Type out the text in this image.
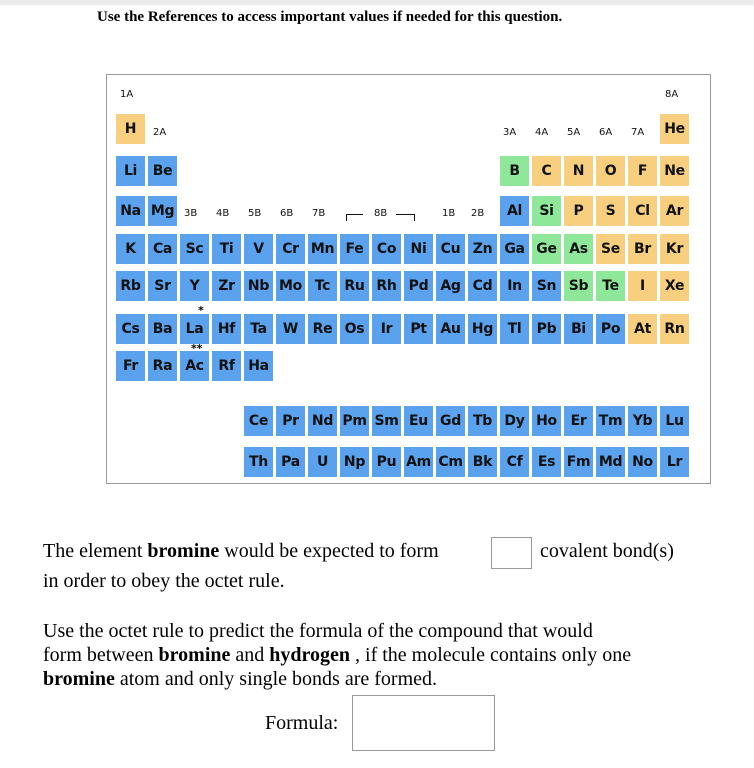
Use the References to access important values if needed for this question.
H	He
Li	Be	B	C	N	O	F	Ne
Na Mg	Al	Si	P	S	Cl	Ar
K	Ca Sc	Ti	V	Cr Mn Fe Co	Ni	Cu Zn Ga Ge As Se	Br	Kr
Rb Sr	Y	Zr Nb Mo Tc	Ru Rh Pd Ag Cd	In	Sn Sb Te	I	Xe
Cs Ba La	Hf	Ta	W	Re Os	Ir	Pt Au Hg	Tl	Pb	Bi	Po At Rn
Fr	Ra Ac	Rf Ha
Ce	Pr Nd Pm Sm Eu Gd Tb Dy Ho Er Tm Yb Lu
Th Pa	U	Np Pu Am Cm Bk	Cf	Es Fm Md No	Lr
1A	8A
2A	3A 4A 5A 6A 7A
3B 4B 5B 6B 7B	8B	1B 2B
*
**
The element bromine would be expected to form	covalent bond(s)
in order to obey the octet rule.
Use the octet rule to predict the formula of the compound that would
form between bromine and hydrogen , if the molecule contains only one
bromine atom and only single bonds are formed.
Formula:
